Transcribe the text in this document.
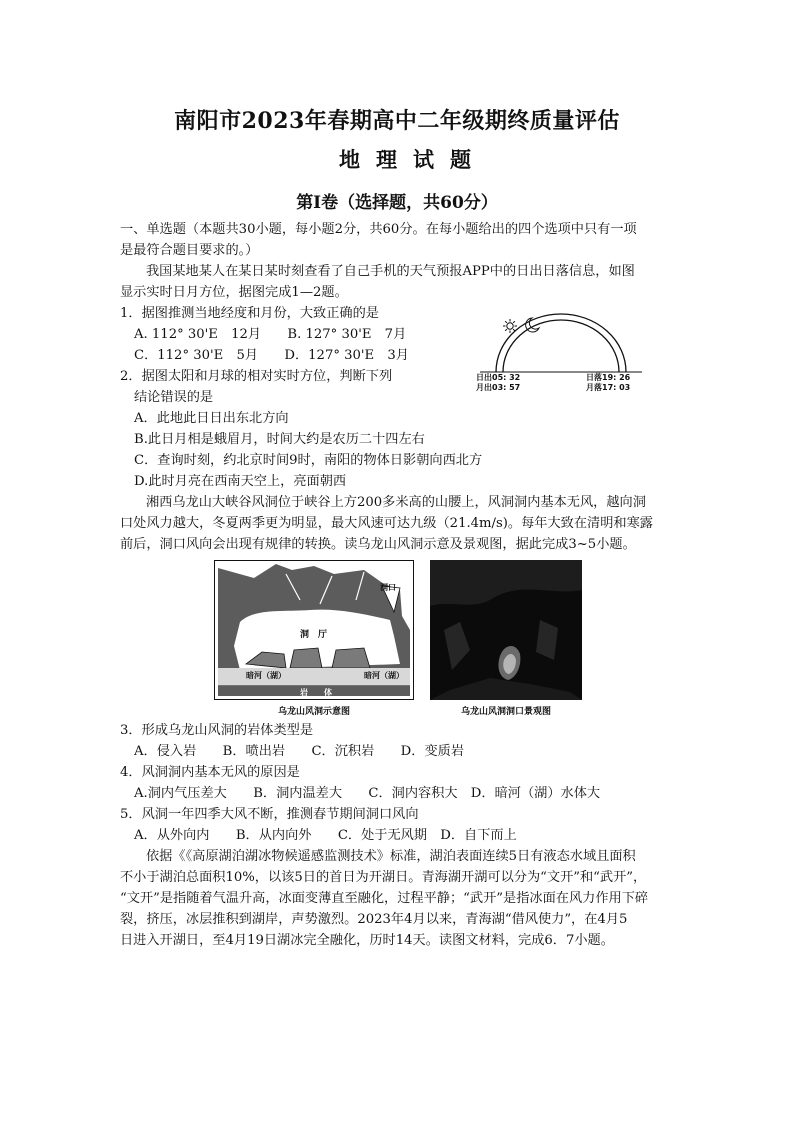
南阳市2023年春期高中二年级期终质量评估
地理试题
第Ⅰ卷（选择题，共60分）
一、单选题（本题共30小题，每小题2分，共60分。在每小题给出的四个选项中只有一项
是最符合题目要求的。）
我国某地某人在某日某时刻查看了自己手机的天气预报APP中的日出日落信息，如图
显示实时日月方位，据图完成1—2题。
1．据图推测当地经度和月份，大致正确的是
A. 112° 30'E　12月　　B. 127° 30'E　7月
C．112° 30'E　5月　　D．127° 30'E　3月
日出05: 32
月出03: 57
日落19: 26
月落17: 03
2．据图太阳和月球的相对实时方位，判断下列
结论错误的是
A．此地此日日出东北方向
B.此日月相是蛾眉月，时间大约是农历二十四左右
C．查询时刻，约北京时间9时，南阳的物体日影朝向西北方
D.此时月亮在西南天空上，亮面朝西
湘西乌龙山大峡谷风洞位于峡谷上方200多米高的山腰上，风洞洞内基本无风，越向洞
口处风力越大，冬夏两季更为明显，最大风速可达九级（21.4m/s)。每年大致在清明和寒露
前后，洞口风向会出现有规律的转换。读乌龙山风洞示意及景观图，据此完成3~5小题。
洞口
洞　厅
暗河（湖）	暗河（湖）
岩　　体
乌龙山风洞示意图	乌龙山风洞洞口景观图
3．形成乌龙山风洞的岩体类型是
A．侵入岩　　B．喷出岩　　C．沉积岩　　D．变质岩
4．风洞洞内基本无风的原因是
A.洞内气压差大　　B．洞内温差大　　C．洞内容积大　D．暗河（湖）水体大
5．风洞一年四季大风不断，推测春节期间洞口风向
A．从外向内　　B．从内向外　　C．处于无风期　D．自下而上
依据《《高原湖泊湖冰物候遥感监测技术》标准，湖泊表面连续5日有液态水域且面积
不小于湖泊总面积10%，以该5日的首日为开湖日。青海湖开湖可以分为“文开”和“武开”，
“文开”是指随着气温升高，冰面变薄直至融化，过程平静；“武开”是指冰面在风力作用下碎
裂，挤压，冰层推积到湖岸，声势激烈。2023年4月以来，青海湖“借风使力”，在4月5
日进入开湖日，至4月19日湖冰完全融化，历时14天。读图文材料，完成6．7小题。
